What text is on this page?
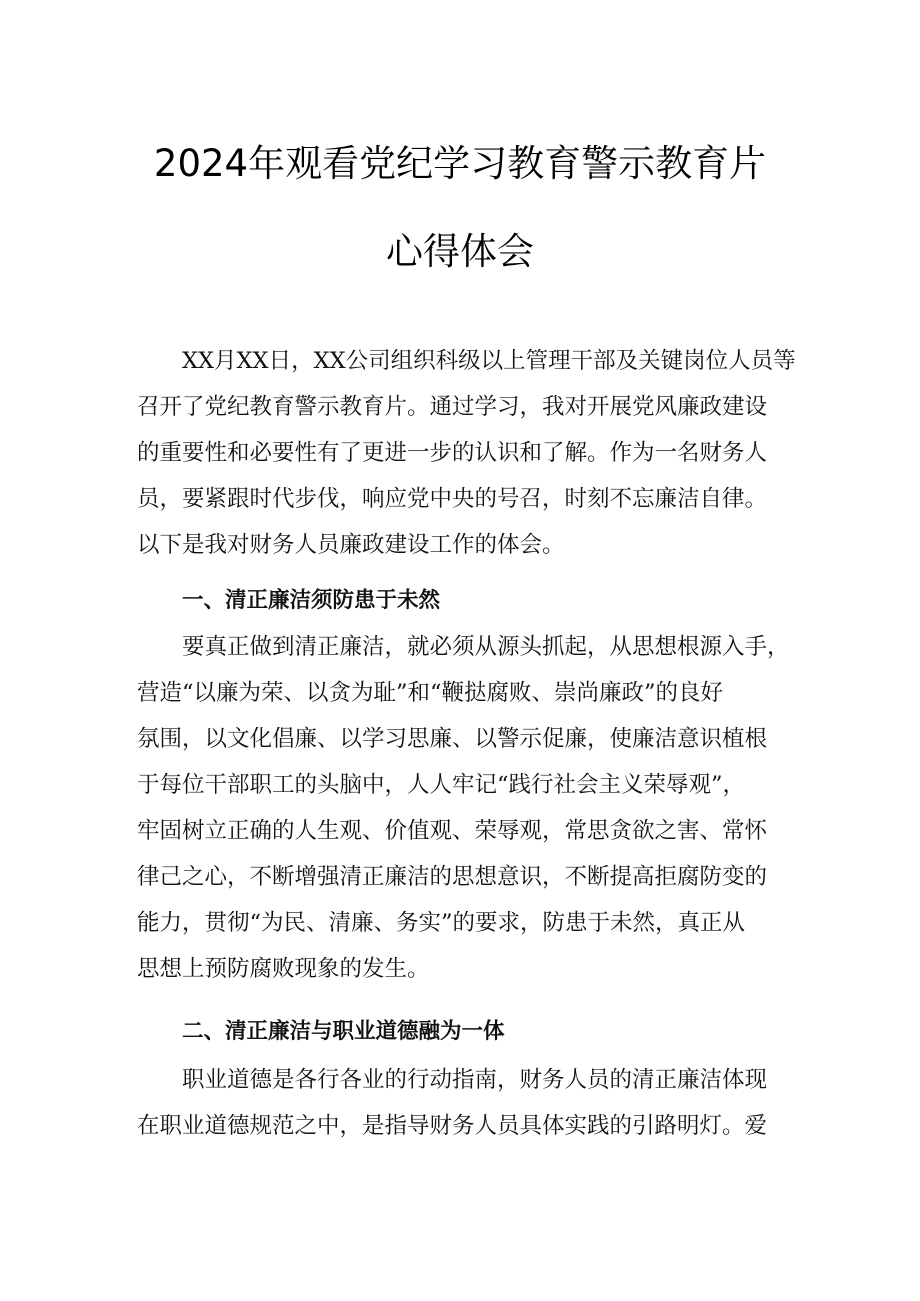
2024年观看党纪学习教育警示教育片
心得体会
XX月XX日，XX公司组织科级以上管理干部及关键岗位人员等
召开了党纪教育警示教育片。通过学习，我对开展党风廉政建设
的重要性和必要性有了更进一步的认识和了解。作为一名财务人
员，要紧跟时代步伐，响应党中央的号召，时刻不忘廉洁自律。
以下是我对财务人员廉政建设工作的体会。
一、清正廉洁须防患于未然
要真正做到清正廉洁，就必须从源头抓起，从思想根源入手，
营造“以廉为荣、以贪为耻”和“鞭挞腐败、崇尚廉政”的良好
氛围，以文化倡廉、以学习思廉、以警示促廉，使廉洁意识植根
于每位干部职工的头脑中，人人牢记“践行社会主义荣辱观”，
牢固树立正确的人生观、价值观、荣辱观，常思贪欲之害、常怀
律己之心，不断增强清正廉洁的思想意识，不断提高拒腐防变的
能力，贯彻“为民、清廉、务实”的要求，防患于未然，真正从
思想上预防腐败现象的发生。
二、清正廉洁与职业道德融为一体
职业道德是各行各业的行动指南，财务人员的清正廉洁体现
在职业道德规范之中，是指导财务人员具体实践的引路明灯。爱
